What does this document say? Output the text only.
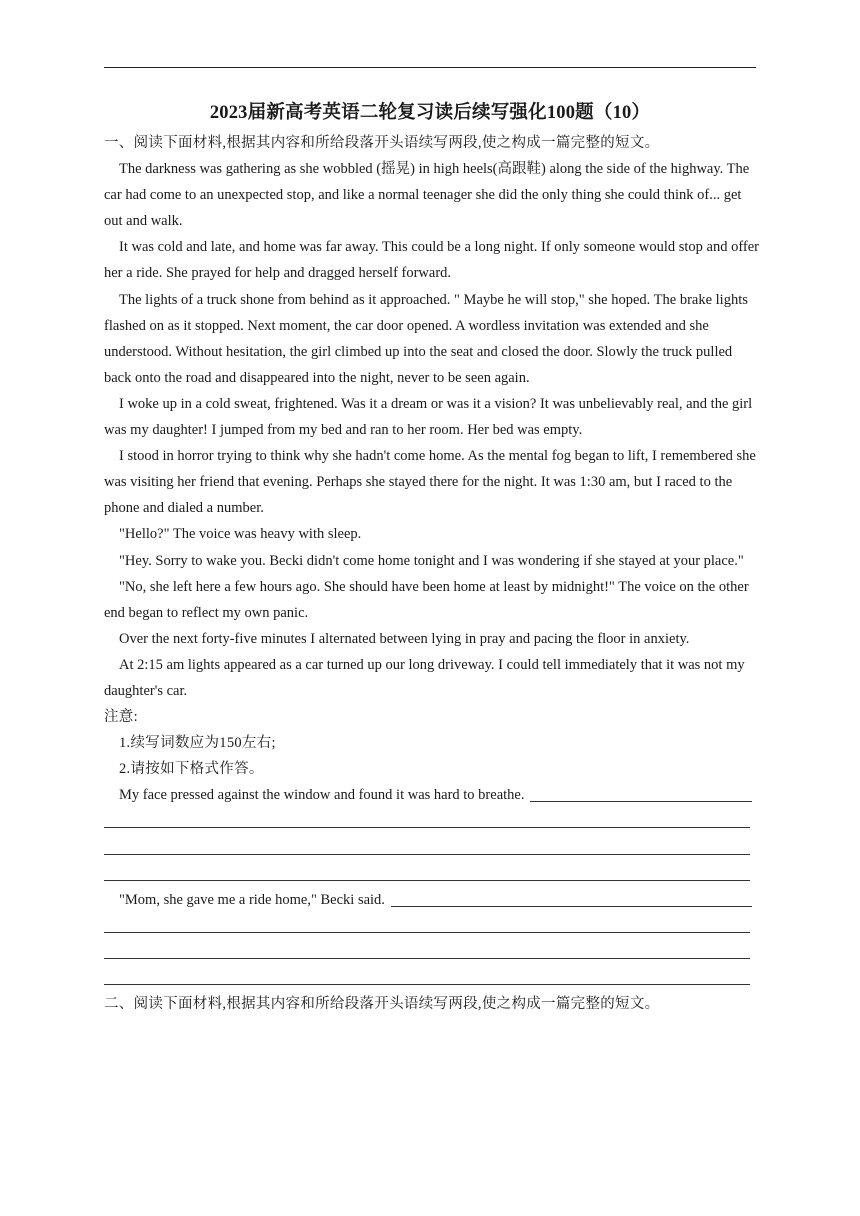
2023届新高考英语二轮复习读后续写强化100题（10）

一、阅读下面材料,根据其内容和所给段落开头语续写两段,使之构成一篇完整的短文。

The darkness was gathering as she wobbled (摇晃) in high heels(高跟鞋) along the side of the highway. The car had come to an unexpected stop, and like a normal teenager she did the only thing she could think of... get out and walk.

It was cold and late, and home was far away. This could be a long night. If only someone would stop and offer her a ride. She prayed for help and dragged herself forward.

The lights of a truck shone from behind as it approached. " Maybe he will stop," she hoped. The brake lights flashed on as it stopped. Next moment, the car door opened. A wordless invitation was extended and she understood. Without hesitation, the girl climbed up into the seat and closed the door. Slowly the truck pulled back onto the road and disappeared into the night, never to be seen again.

I woke up in a cold sweat, frightened. Was it a dream or was it a vision? It was unbelievably real, and the girl was my daughter! I jumped from my bed and ran to her room. Her bed was empty.

I stood in horror trying to think why she hadn't come home. As the mental fog began to lift, I remembered she was visiting her friend that evening. Perhaps she stayed there for the night. It was 1:30 am, but I raced to the phone and dialed a number.

"Hello?" The voice was heavy with sleep.

"Hey. Sorry to wake you. Becki didn't come home tonight and I was wondering if she stayed at your place."

"No, she left here a few hours ago. She should have been home at least by midnight!" The voice on the other end began to reflect my own panic.

Over the next forty-five minutes I alternated between lying in pray and pacing the floor in anxiety.

At 2:15 am lights appeared as a car turned up our long driveway. I could tell immediately that it was not my daughter's car.

注意:

1.续写词数应为150左右;

2.请按如下格式作答。

My face pressed against the window and found it was hard to breathe.
"Mom, she gave me a ride home," Becki said.

二、阅读下面材料,根据其内容和所给段落开头语续写两段,使之构成一篇完整的短文。
